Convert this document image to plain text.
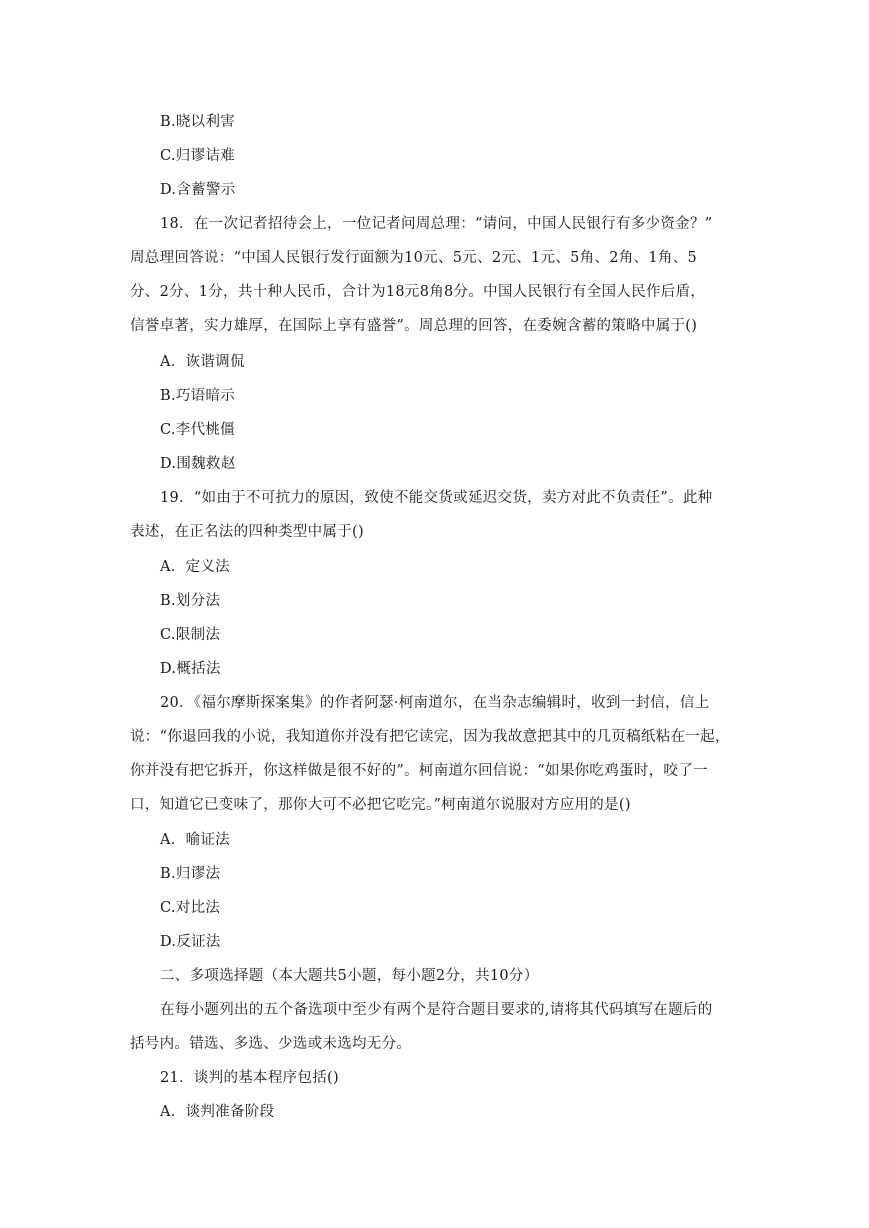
B.晓以利害
C.归谬诘难
D.含蓄警示
18．在一次记者招待会上，一位记者问周总理：“请问，中国人民银行有多少资金？”
周总理回答说：“中国人民银行发行面额为10元、5元、2元、1元、5角、2角、1角、5
分、2分、1分，共十种人民币，合计为18元8角8分。中国人民银行有全国人民作后盾，
信誉卓著，实力雄厚，在国际上享有盛誉”。周总理的回答，在委婉含蓄的策略中属于()
A．诙谐调侃
B.巧语暗示
C.李代桃僵
D.围魏救赵
19．“如由于不可抗力的原因，致使不能交货或延迟交货，卖方对此不负责任”。此种
表述，在正名法的四种类型中属于()
A．定义法
B.划分法
C.限制法
D.概括法
20．《福尔摩斯探案集》的作者阿瑟·柯南道尔，在当杂志编辑时，收到一封信，信上
说：“你退回我的小说，我知道你并没有把它读完，因为我故意把其中的几页稿纸粘在一起，
你并没有把它拆开，你这样做是很不好的”。柯南道尔回信说：“如果你吃鸡蛋时，咬了一
口，知道它已变味了，那你大可不必把它吃完。”柯南道尔说服对方应用的是()
A．喻证法
B.归谬法
C.对比法
D.反证法
二、多项选择题（本大题共5小题，每小题2分，共10分）
在每小题列出的五个备选项中至少有两个是符合题目要求的,请将其代码填写在题后的
括号内。错选、多选、少选或未选均无分。
21．谈判的基本程序包括()
A．谈判准备阶段
